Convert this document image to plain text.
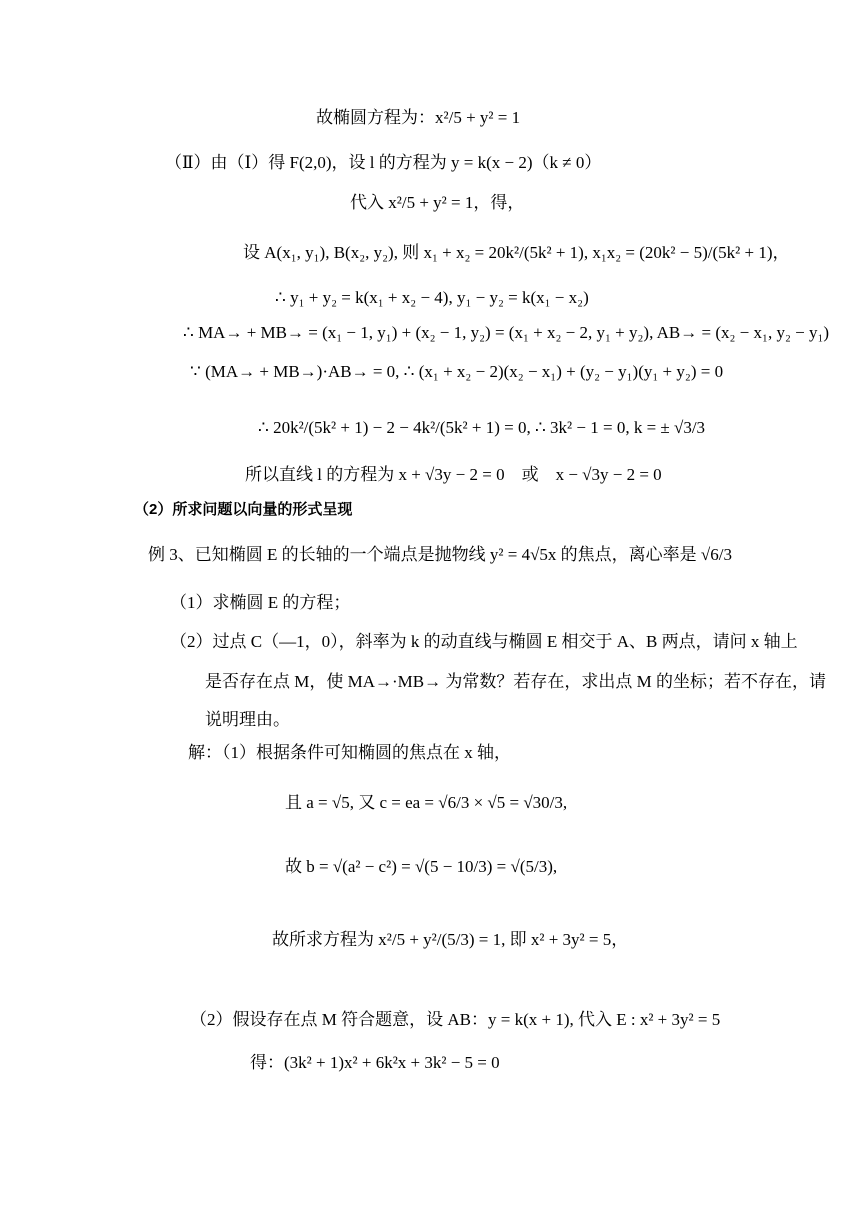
故椭圆方程为：x²/5 + y² = 1
（Ⅱ）由（Ⅰ）得 F(2,0)，设 l 的方程为 y = k(x − 2)（k ≠ 0）
代入 x²/5 + y² = 1，得，
设 A(x₁, y₁), B(x₂, y₂), 则 x₁ + x₂ = 20k²/(5k² + 1), x₁x₂ = (20k² − 5)/(5k² + 1)，
∴ y₁ + y₂ = k(x₁ + x₂ − 4), y₁ − y₂ = k(x₁ − x₂)
∴ MA→ + MB→ = (x₁ − 1, y₁) + (x₂ − 1, y₂) = (x₁ + x₂ − 2, y₁ + y₂), AB→ = (x₂ − x₁, y₂ − y₁)
∵ (MA→ + MB→)·AB→ = 0, ∴ (x₁ + x₂ − 2)(x₂ − x₁) + (y₂ − y₁)(y₁ + y₂) = 0
∴ 20k²/(5k² + 1) − 2 − 4k²/(5k² + 1) = 0, ∴ 3k² − 1 = 0, k = ± √3/3
所以直线 l 的方程为 x + √3y − 2 = 0　或　x − √3y − 2 = 0
（2）所求问题以向量的形式呈现
例 3、已知椭圆 E 的长轴的一个端点是抛物线 y² = 4√5x 的焦点，离心率是 √6/3
（1）求椭圆 E 的方程；
（2）过点 C（—1，0），斜率为 k 的动直线与椭圆 E 相交于 A、B 两点，请问 x 轴上
是否存在点 M，使 MA→·MB→ 为常数？若存在，求出点 M 的坐标；若不存在，请
说明理由。
解：（1）根据条件可知椭圆的焦点在 x 轴，
且 a = √5, 又 c = ea = √6/3 × √5 = √30/3,
故 b = √(a² − c²) = √(5 − 10/3) = √(5/3),
故所求方程为 x²/5 + y²/(5/3) = 1, 即 x² + 3y² = 5，
（2）假设存在点 M 符合题意，设 AB：y = k(x + 1), 代入 E : x² + 3y² = 5
得：(3k² + 1)x² + 6k²x + 3k² − 5 = 0
